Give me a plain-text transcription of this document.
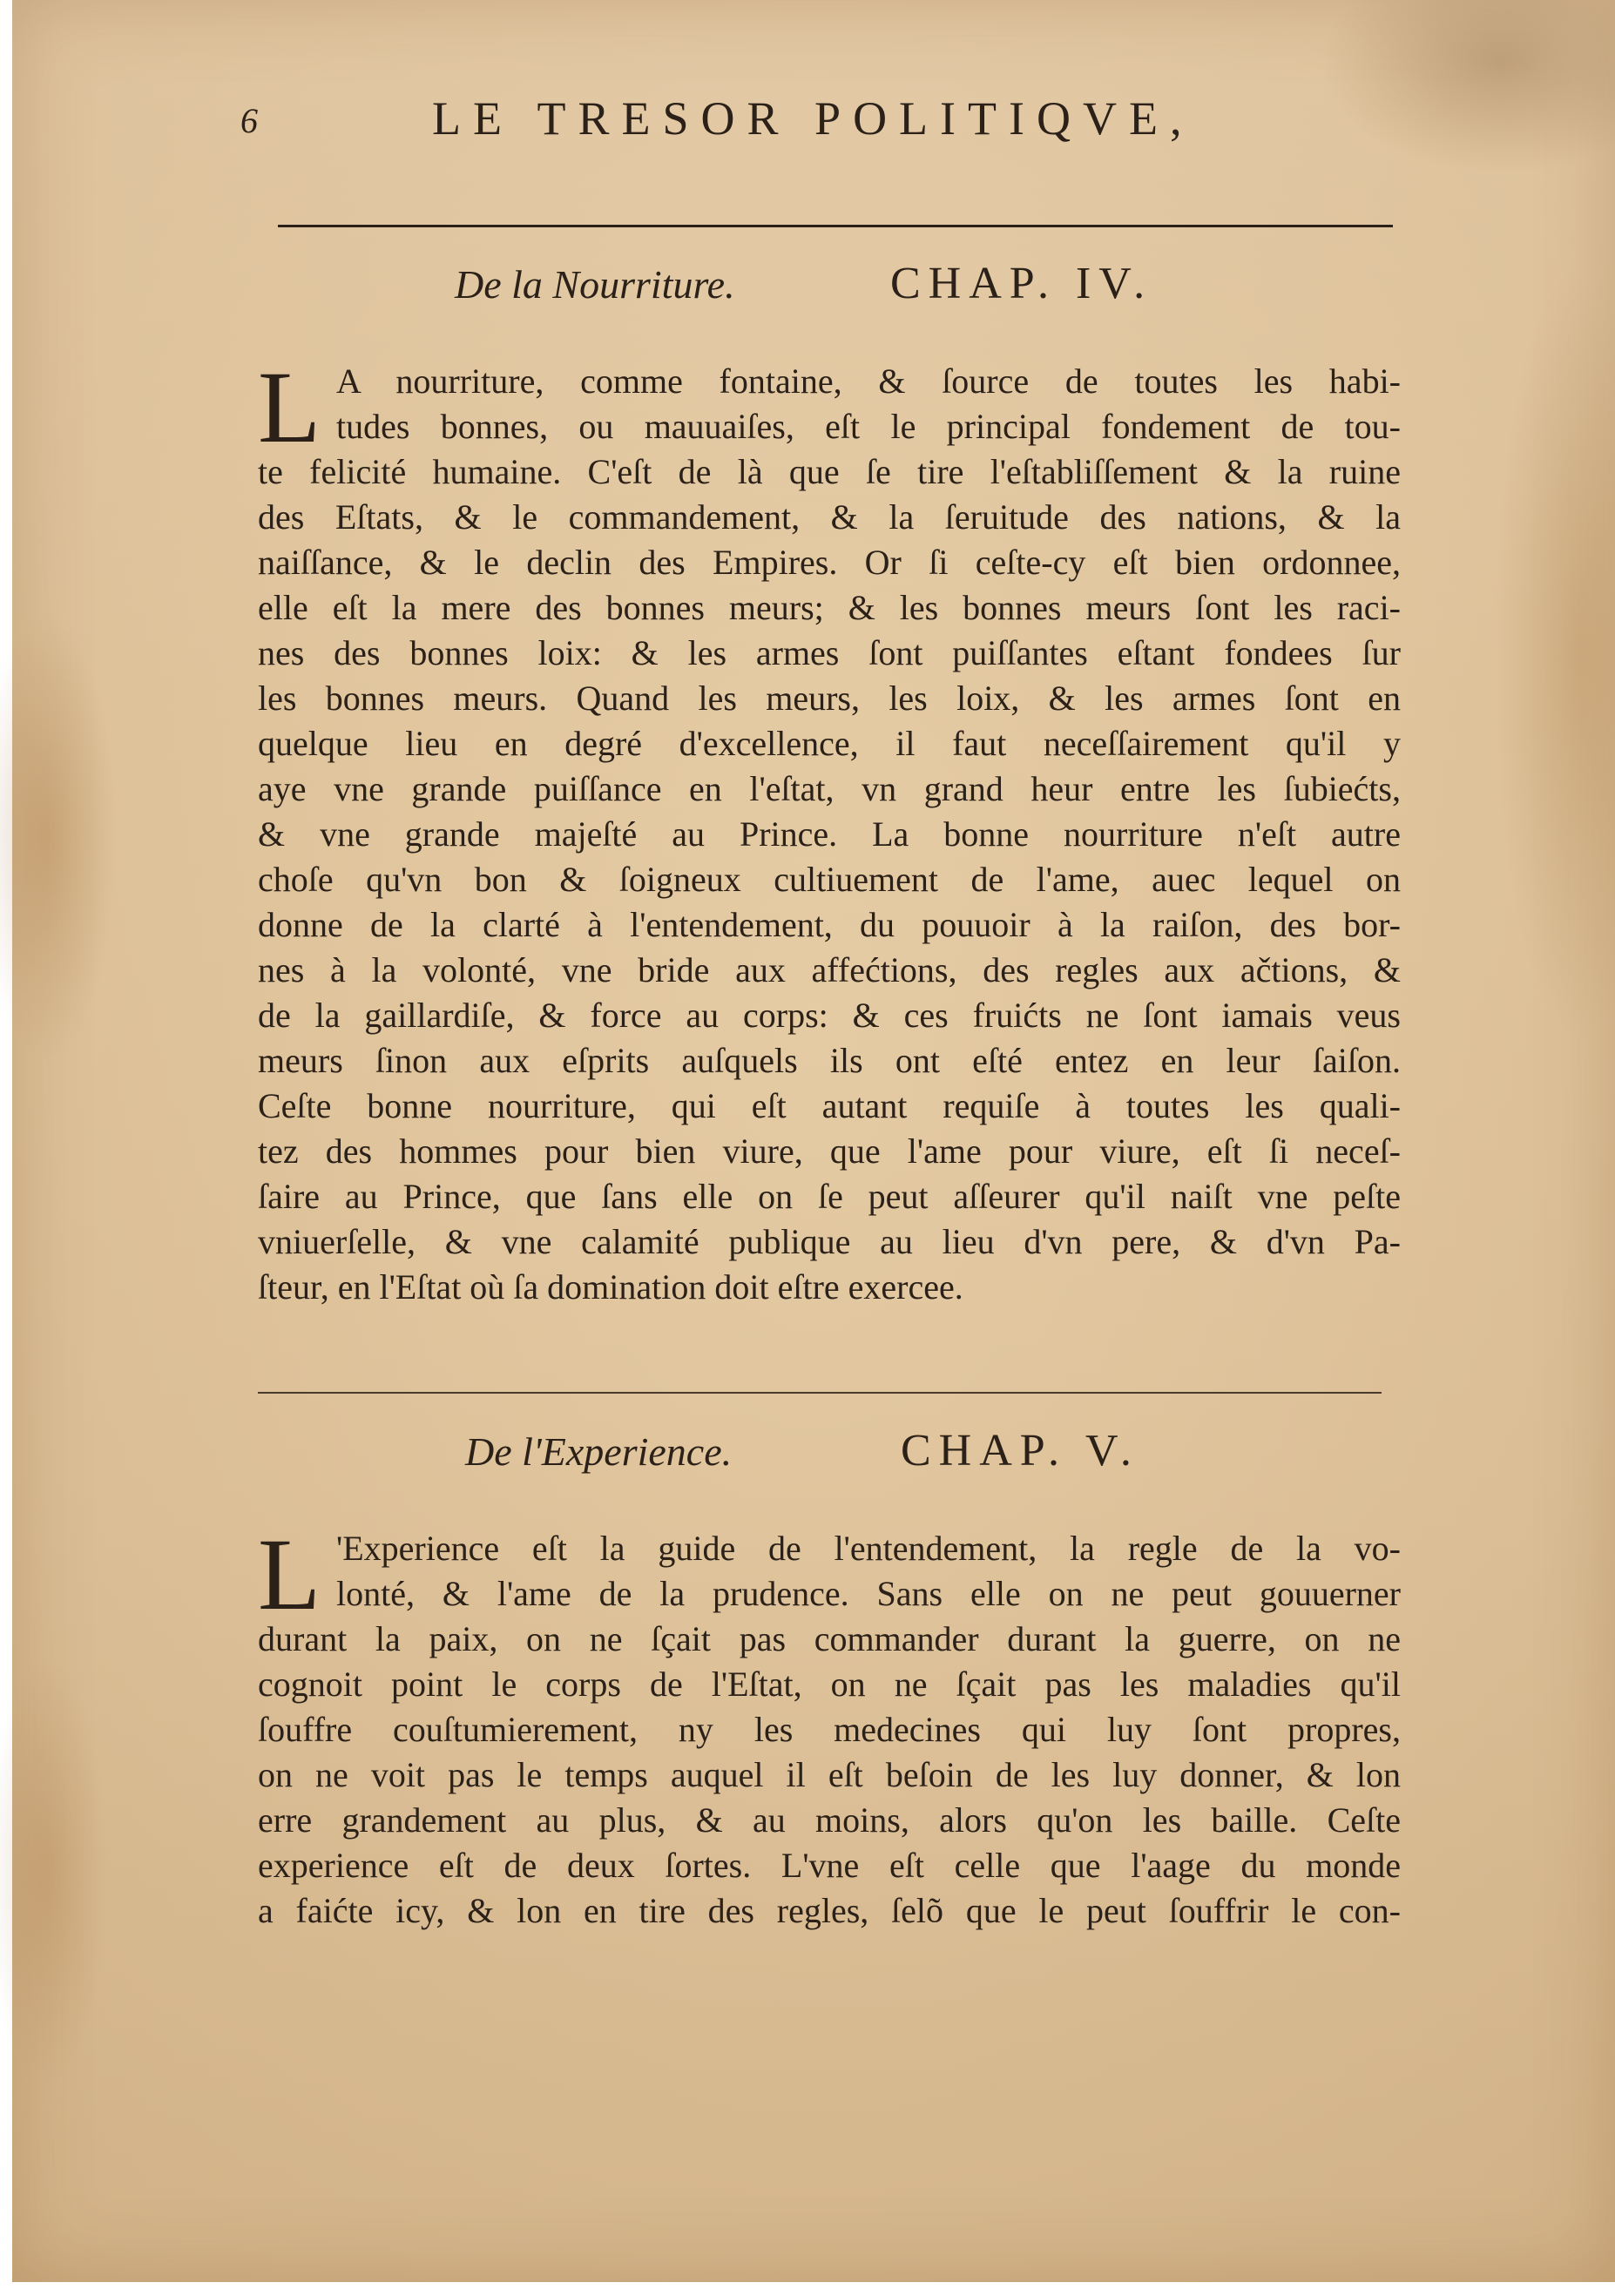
6	LE TRESOR POLITIQVE,
De la Nourriture.	CHAP. IV.
L A nourriture, comme fontaine, & ſource de toutes les habi-
tudes bonnes, ou mauuaiſes, eſt le principal fondement de tou-
te felicité humaine. C'eſt de là que ſe tire l'eſtabliſſement & la ruine
des Eſtats, & le commandement, & la ſeruitude des nations, & la
naiſſance, & le declin des Empires. Or ſi ceſte-cy eſt bien ordonnee,
elle eſt la mere des bonnes meurs; & les bonnes meurs ſont les raci-
nes des bonnes loix: & les armes ſont puiſſantes eſtant fondees ſur
les bonnes meurs. Quand les meurs, les loix, & les armes ſont en
quelque lieu en degré d'excellence, il faut neceſſairement qu'il y
aye vne grande puiſſance en l'eſtat, vn grand heur entre les ſubiećts,
& vne grande majeſté au Prince. La bonne nourriture n'eſt autre
choſe qu'vn bon & ſoigneux cultiuement de l'ame, auec lequel on
donne de la clarté à l'entendement, du pouuoir à la raiſon, des bor-
nes à la volonté, vne bride aux affećtions, des regles aux ačtions, &
de la gaillardiſe, & force au corps: & ces fruićts ne ſont iamais veus
meurs ſinon aux eſprits auſquels ils ont eſté entez en leur ſaiſon.
Ceſte bonne nourriture, qui eſt autant requiſe à toutes les quali-
tez des hommes pour bien viure, que l'ame pour viure, eſt ſi neceſ-
ſaire au Prince, que ſans elle on ſe peut aſſeurer qu'il naiſt vne peſte
vniuerſelle, & vne calamité publique au lieu d'vn pere, & d'vn Pa-
ſteur, en l'Eſtat où ſa domination doit eſtre exercee.
De l'Experience.	CHAP. V.
L 'Experience eſt la guide de l'entendement, la regle de la vo-
lonté, & l'ame de la prudence. Sans elle on ne peut gouuerner
durant la paix, on ne ſçait pas commander durant la guerre, on ne
cognoit point le corps de l'Eſtat, on ne ſçait pas les maladies qu'il
ſouffre couſtumierement, ny les medecines qui luy ſont propres,
on ne voit pas le temps auquel il eſt beſoin de les luy donner, & lon
erre grandement au plus, & au moins, alors qu'on les baille. Ceſte
experience eſt de deux ſortes. L'vne eſt celle que l'aage du monde
a faićte icy, & lon en tire des regles, ſelõ que le peut ſouffrir le con-
